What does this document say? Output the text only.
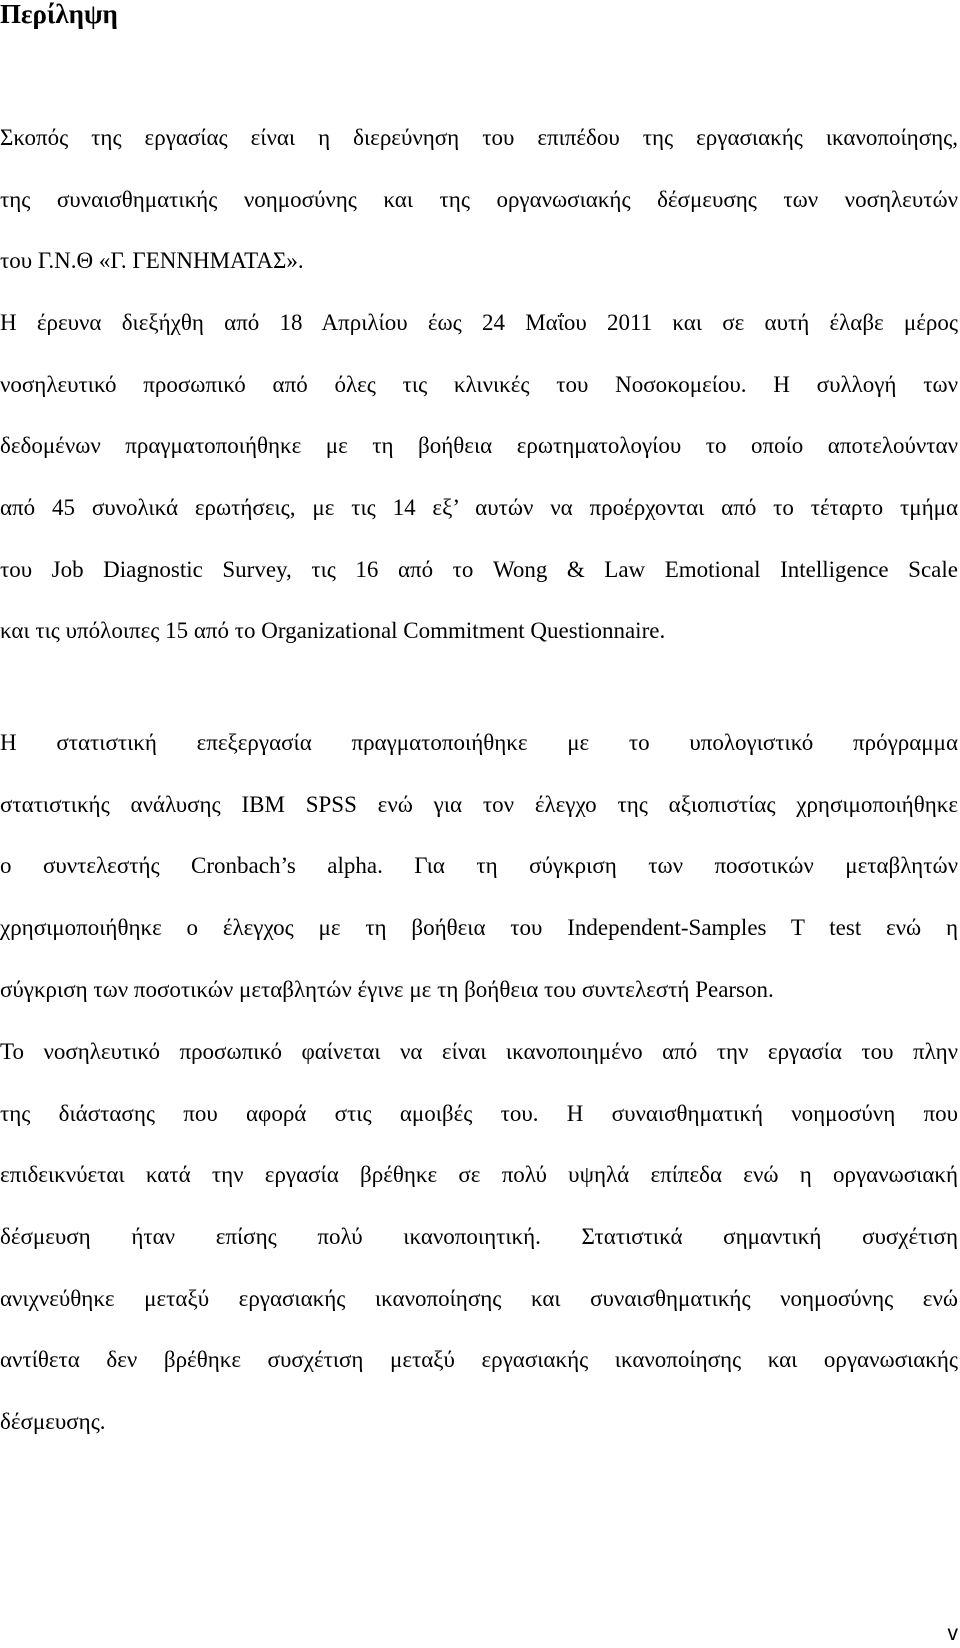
Περίληψη
Σκοπός της εργασίας είναι η διερεύνηση του επιπέδου της εργασιακής ικανοποίησης,
της συναισθηματικής νοημοσύνης και της οργανωσιακής δέσμευσης των νοσηλευτών
του Γ.Ν.Θ «Γ. ΓΕΝΝΗΜΑΤΑΣ».
Η έρευνα διεξήχθη από 18 Απριλίου έως 24 Μαΐου 2011 και σε αυτή έλαβε μέρος
νοσηλευτικό προσωπικό από όλες τις κλινικές του Νοσοκομείου. Η συλλογή των
δεδομένων πραγματοποιήθηκε με τη βοήθεια ερωτηματολογίου το οποίο αποτελούνταν
από 45 συνολικά ερωτήσεις, με τις 14 εξ’ αυτών να προέρχονται από το τέταρτο τμήμα
του Job Diagnostic Survey, τις 16 από το Wong & Law Emotional Intelligence Scale
και τις υπόλοιπες 15 από το Organizational Commitment Questionnaire.
Η στατιστική επεξεργασία πραγματοποιήθηκε με το υπολογιστικό πρόγραμμα
στατιστικής ανάλυσης IBM SPSS ενώ για τον έλεγχο της αξιοπιστίας χρησιμοποιήθηκε
ο συντελεστής Cronbach’s alpha. Για τη σύγκριση των ποσοτικών μεταβλητών
χρησιμοποιήθηκε ο έλεγχος με τη βοήθεια του Independent-Samples T test ενώ η
σύγκριση των ποσοτικών μεταβλητών έγινε με τη βοήθεια του συντελεστή Pearson.
Το νοσηλευτικό προσωπικό φαίνεται να είναι ικανοποιημένο από την εργασία του πλην
της διάστασης που αφορά στις αμοιβές του. Η συναισθηματική νοημοσύνη που
επιδεικνύεται κατά την εργασία βρέθηκε σε πολύ υψηλά επίπεδα ενώ η οργανωσιακή
δέσμευση ήταν επίσης πολύ ικανοποιητική. Στατιστικά σημαντική συσχέτιση
ανιχνεύθηκε μεταξύ εργασιακής ικανοποίησης και συναισθηματικής νοημοσύνης ενώ
αντίθετα δεν βρέθηκε συσχέτιση μεταξύ εργασιακής ικανοποίησης και οργανωσιακής
δέσμευσης.
v
